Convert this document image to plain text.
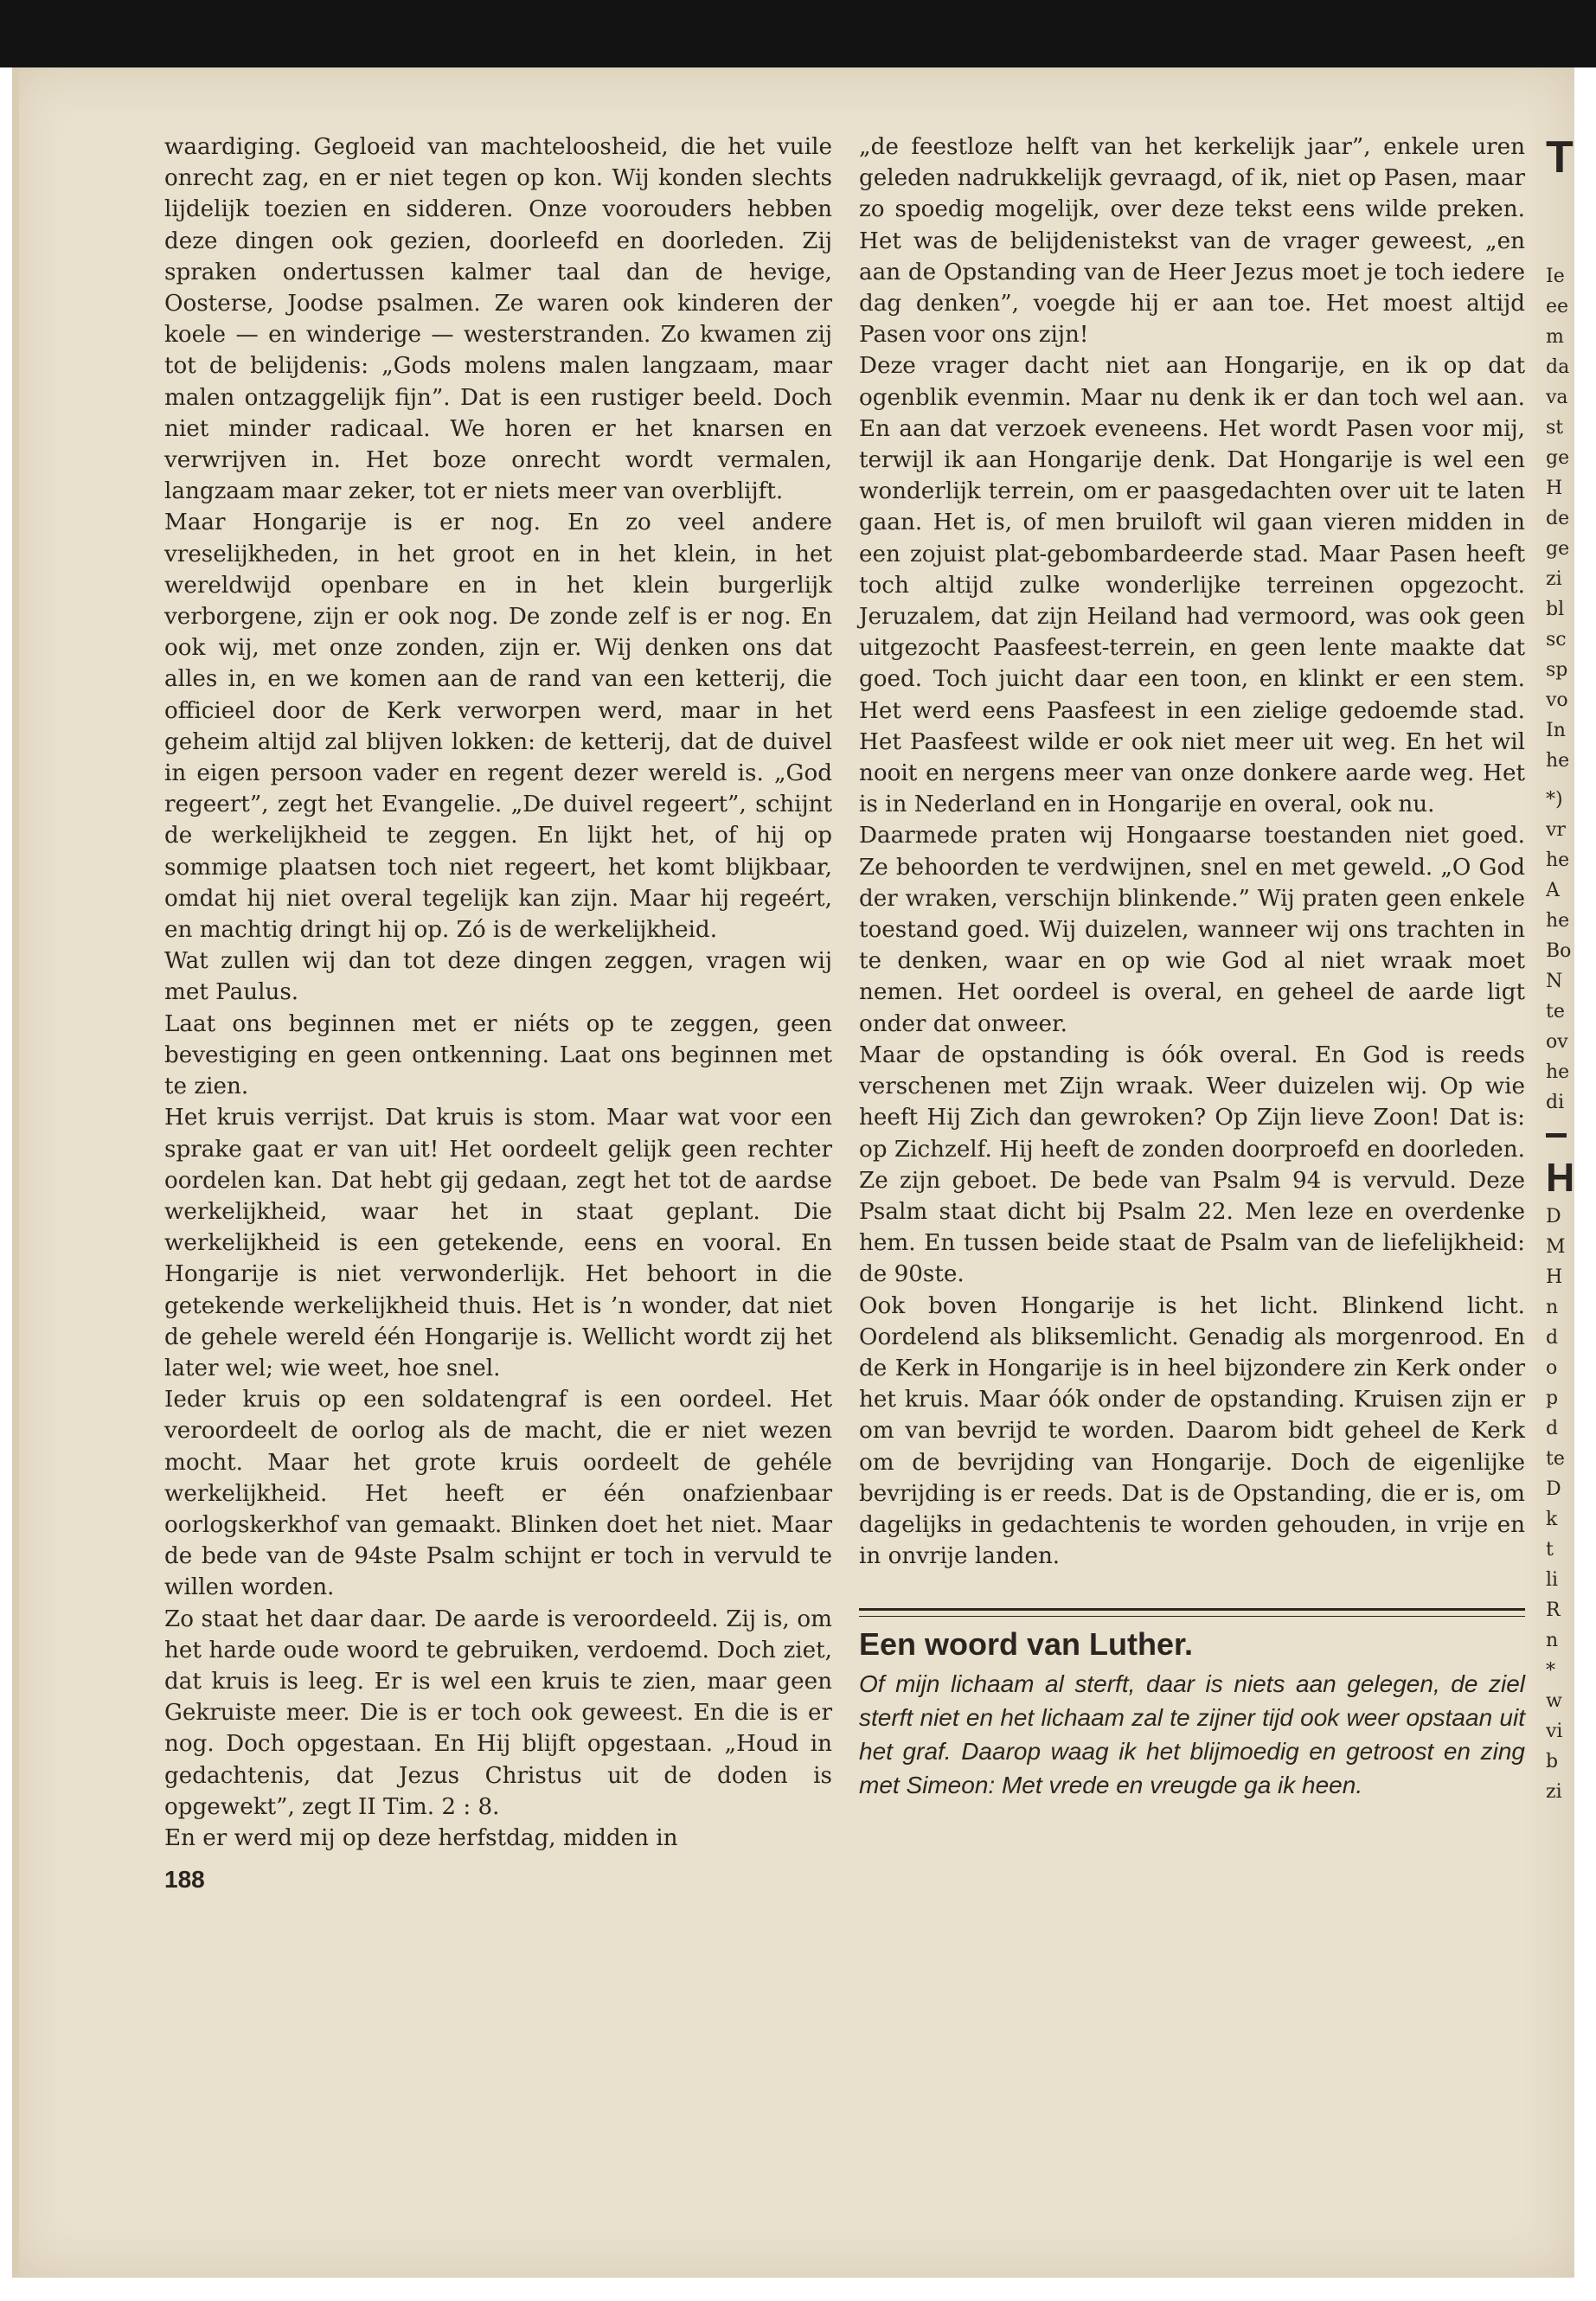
waardiging. Gegloeid van machteloosheid, die het vuile onrecht zag, en er niet tegen op kon. Wij konden slechts lijdelijk toezien en sidderen. Onze voorouders hebben deze dingen ook gezien, doorleefd en doorleden. Zij spraken ondertussen kalmer taal dan de hevige, Oosterse, Joodse psalmen. Ze waren ook kinderen der koele — en winderige — westerstranden. Zo kwamen zij tot de belijdenis: „Gods molens malen langzaam, maar malen ontzaggelijk fijn”. Dat is een rustiger beeld. Doch niet minder radicaal. We horen er het knarsen en verwrijven in. Het boze onrecht wordt vermalen, langzaam maar zeker, tot er niets meer van overblijft.

Maar Hongarije is er nog. En zo veel andere vreselijkheden, in het groot en in het klein, in het wereldwijd openbare en in het klein burgerlijk verborgene, zijn er ook nog. De zonde zelf is er nog. En ook wij, met onze zonden, zijn er. Wij denken ons dat alles in, en we komen aan de rand van een ketterij, die officieel door de Kerk verworpen werd, maar in het geheim altijd zal blijven lokken: de ketterij, dat de duivel in eigen persoon vader en regent dezer wereld is. „God regeert”, zegt het Evangelie. „De duivel regeert”, schijnt de werkelijkheid te zeggen. En lijkt het, of hij op sommige plaatsen toch niet regeert, het komt blijkbaar, omdat hij niet overal tegelijk kan zijn. Maar hij regeért, en machtig dringt hij op. Zó is de werkelijkheid.

Wat zullen wij dan tot deze dingen zeggen, vragen wij met Paulus.

Laat ons beginnen met er niéts op te zeggen, geen bevestiging en geen ontkenning. Laat ons beginnen met te zien.

Het kruis verrijst. Dat kruis is stom. Maar wat voor een sprake gaat er van uit! Het oordeelt gelijk geen rechter oordelen kan. Dat hebt gij gedaan, zegt het tot de aardse werkelijkheid, waar het in staat geplant. Die werkelijkheid is een getekende, eens en vooral. En Hongarije is niet verwonderlijk. Het behoort in die getekende werkelijkheid thuis. Het is ’n wonder, dat niet de gehele wereld één Hongarije is. Wellicht wordt zij het later wel; wie weet, hoe snel.

Ieder kruis op een soldatengraf is een oordeel. Het veroordeelt de oorlog als de macht, die er niet wezen mocht. Maar het grote kruis oordeelt de gehéle werkelijkheid. Het heeft er één onafzienbaar oorlogskerkhof van gemaakt. Blinken doet het niet. Maar de bede van de 94ste Psalm schijnt er toch in vervuld te willen worden.

Zo staat het daar daar. De aarde is veroordeeld. Zij is, om het harde oude woord te gebruiken, verdoemd. Doch ziet, dat kruis is leeg. Er is wel een kruis te zien, maar geen Gekruiste meer. Die is er toch ook geweest. En die is er nog. Doch opgestaan. En Hij blijft opgestaan. „Houd in gedachtenis, dat Jezus Christus uit de doden is opgewekt”, zegt II Tim. 2 : 8.

En er werd mij op deze herfstdag, midden in

188

„de feestloze helft van het kerkelijk jaar”, enkele uren geleden nadrukkelijk gevraagd, of ik, niet op Pasen, maar zo spoedig mogelijk, over deze tekst eens wilde preken. Het was de belijdenistekst van de vrager geweest, „en aan de Opstanding van de Heer Jezus moet je toch iedere dag denken”, voegde hij er aan toe. Het moest altijd Pasen voor ons zijn!

Deze vrager dacht niet aan Hongarije, en ik op dat ogenblik evenmin. Maar nu denk ik er dan toch wel aan. En aan dat verzoek eveneens. Het wordt Pasen voor mij, terwijl ik aan Hongarije denk. Dat Hongarije is wel een wonderlijk terrein, om er paasgedachten over uit te laten gaan. Het is, of men bruiloft wil gaan vieren midden in een zojuist plat-gebombardeerde stad. Maar Pasen heeft toch altijd zulke wonderlijke terreinen opgezocht. Jeruzalem, dat zijn Heiland had vermoord, was ook geen uitgezocht Paasfeest-terrein, en geen lente maakte dat goed. Toch juicht daar een toon, en klinkt er een stem. Het werd eens Paasfeest in een zielige gedoemde stad. Het Paasfeest wilde er ook niet meer uit weg. En het wil nooit en nergens meer van onze donkere aarde weg. Het is in Nederland en in Hongarije en overal, ook nu.

Daarmede praten wij Hongaarse toestanden niet goed. Ze behoorden te verdwijnen, snel en met geweld. „O God der wraken, verschijn blinkende.” Wij praten geen enkele toestand goed. Wij duizelen, wanneer wij ons trachten in te denken, waar en op wie God al niet wraak moet nemen. Het oordeel is overal, en geheel de aarde ligt onder dat onweer.

Maar de opstanding is óók overal. En God is reeds verschenen met Zijn wraak. Weer duizelen wij. Op wie heeft Hij Zich dan gewroken? Op Zijn lieve Zoon! Dat is: op Zichzelf. Hij heeft de zonden doorproefd en doorleden. Ze zijn geboet. De bede van Psalm 94 is vervuld. Deze Psalm staat dicht bij Psalm 22. Men leze en overdenke hem. En tussen beide staat de Psalm van de liefelijkheid: de 90ste.

Ook boven Hongarije is het licht. Blinkend licht. Oordelend als bliksemlicht. Genadig als morgenrood. En de Kerk in Hongarije is in heel bijzondere zin Kerk onder het kruis. Maar óók onder de opstanding. Kruisen zijn er om van bevrijd te worden. Daarom bidt geheel de Kerk om de bevrijding van Hongarije. Doch de eigenlijke bevrijding is er reeds. Dat is de Opstanding, die er is, om dagelijks in gedachtenis te worden gehouden, in vrije en in onvrije landen.

Een woord van Luther.

Of mijn lichaam al sterft, daar is niets aan gelegen, de ziel sterft niet en het lichaam zal te zijner tijd ook weer opstaan uit het graf. Daarop waag ik het blijmoedig en getroost en zing met Simeon: Met vrede en vreugde ga ik heen.

T
Ie
ee
m
da
va
st
ge
H
de
ge
zi
bl
sc
sp
vo
In
he
*)
vr
he
A
he
Bo
N
te
ov
he
di
H
D
M
H
n
d
o
p
d
te
D
k
t
li
R
n
*
w
vi
b
zi
